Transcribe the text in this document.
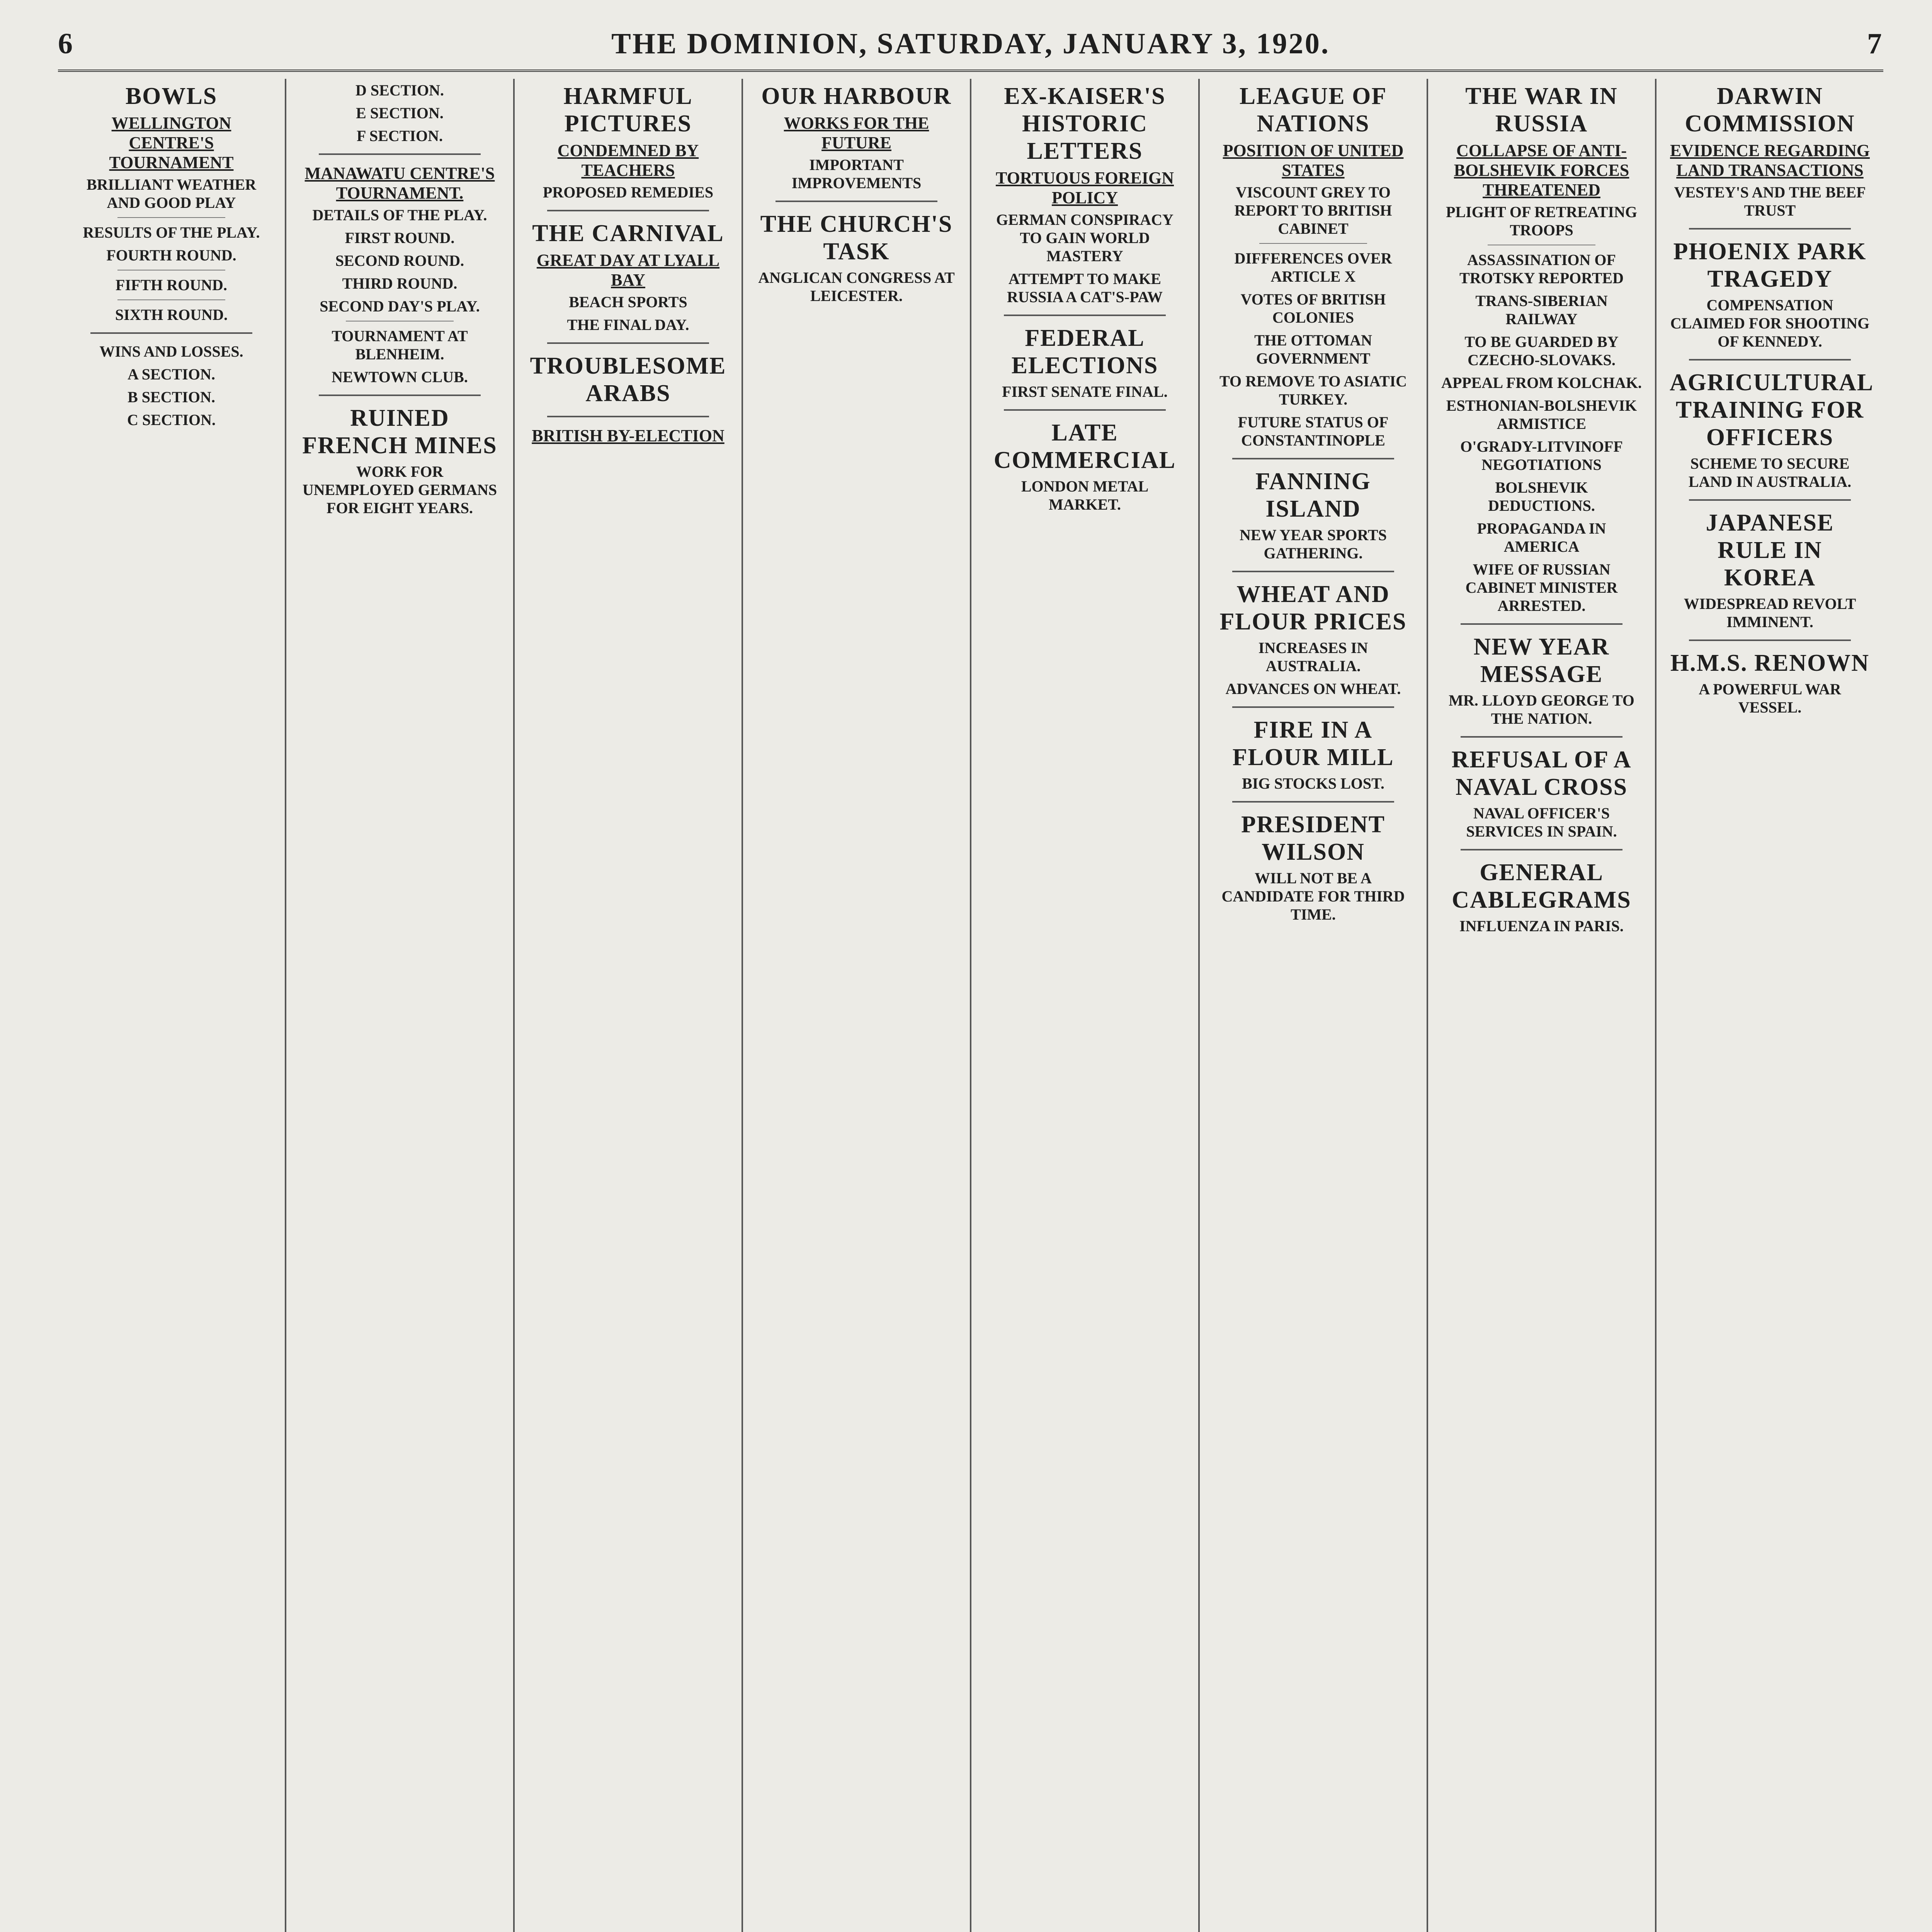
6	THE DOMINION, SATURDAY, JANUARY 3, 1920.	7
BOWLS
WELLINGTON CENTRE'S TOURNAMENT
BRILLIANT WEATHER AND GOOD PLAY
RESULTS OF THE PLAY.
FOURTH ROUND.
FIFTH ROUND.
SIXTH ROUND.
WINS AND LOSSES.
A SECTION.
B SECTION.
C SECTION.
D SECTION.
E SECTION.
F SECTION.
MANAWATU CENTRE'S TOURNAMENT.
DETAILS OF THE PLAY.
FIRST ROUND.
SECOND ROUND.
THIRD ROUND.
SECOND DAY'S PLAY.
TOURNAMENT AT BLENHEIM.
NEWTOWN CLUB.
RUINED FRENCH MINES
WORK FOR UNEMPLOYED GERMANS FOR EIGHT YEARS.
HARMFUL PICTURES
CONDEMNED BY TEACHERS
PROPOSED REMEDIES
THE CARNIVAL
GREAT DAY AT LYALL BAY
BEACH SPORTS
THE FINAL DAY.
TROUBLESOME ARABS
BRITISH BY-ELECTION
OUR HARBOUR
WORKS FOR THE FUTURE
IMPORTANT IMPROVEMENTS
THE CHURCH'S TASK
ANGLICAN CONGRESS AT LEICESTER.
EX-KAISER'S HISTORIC LETTERS
TORTUOUS FOREIGN POLICY
GERMAN CONSPIRACY TO GAIN WORLD MASTERY
ATTEMPT TO MAKE RUSSIA A CAT'S-PAW
FEDERAL ELECTIONS
FIRST SENATE FINAL.
LATE COMMERCIAL
LONDON METAL MARKET.
LEAGUE OF NATIONS
POSITION OF UNITED STATES
VISCOUNT GREY TO REPORT TO BRITISH CABINET
DIFFERENCES OVER ARTICLE X
VOTES OF BRITISH COLONIES
THE OTTOMAN GOVERNMENT
TO REMOVE TO ASIATIC TURKEY.
FUTURE STATUS OF CONSTANTINOPLE
FANNING ISLAND
NEW YEAR SPORTS GATHERING.
WHEAT AND FLOUR PRICES
INCREASES IN AUSTRALIA.
ADVANCES ON WHEAT.
FIRE IN A FLOUR MILL
BIG STOCKS LOST.
PRESIDENT WILSON
WILL NOT BE A CANDIDATE FOR THIRD TIME.
THE WAR IN RUSSIA
COLLAPSE OF ANTI-BOLSHEVIK FORCES THREATENED
PLIGHT OF RETREATING TROOPS
ASSASSINATION OF TROTSKY REPORTED
TRANS-SIBERIAN RAILWAY
TO BE GUARDED BY CZECHO-SLOVAKS.
APPEAL FROM KOLCHAK.
ESTHONIAN-BOLSHEVIK ARMISTICE
O'GRADY-LITVINOFF NEGOTIATIONS
BOLSHEVIK DEDUCTIONS.
PROPAGANDA IN AMERICA
WIFE OF RUSSIAN CABINET MINISTER ARRESTED.
NEW YEAR MESSAGE
MR. LLOYD GEORGE TO THE NATION.
REFUSAL OF A NAVAL CROSS
NAVAL OFFICER'S SERVICES IN SPAIN.
GENERAL CABLEGRAMS
INFLUENZA IN PARIS.
DARWIN COMMISSION
EVIDENCE REGARDING LAND TRANSACTIONS
VESTEY'S AND THE BEEF TRUST
PHOENIX PARK TRAGEDY
COMPENSATION CLAIMED FOR SHOOTING OF KENNEDY.
AGRICULTURAL TRAINING FOR OFFICERS
SCHEME TO SECURE LAND IN AUSTRALIA.
JAPANESE RULE IN KOREA
WIDESPREAD REVOLT IMMINENT.
H.M.S. RENOWN
A POWERFUL WAR VESSEL.
